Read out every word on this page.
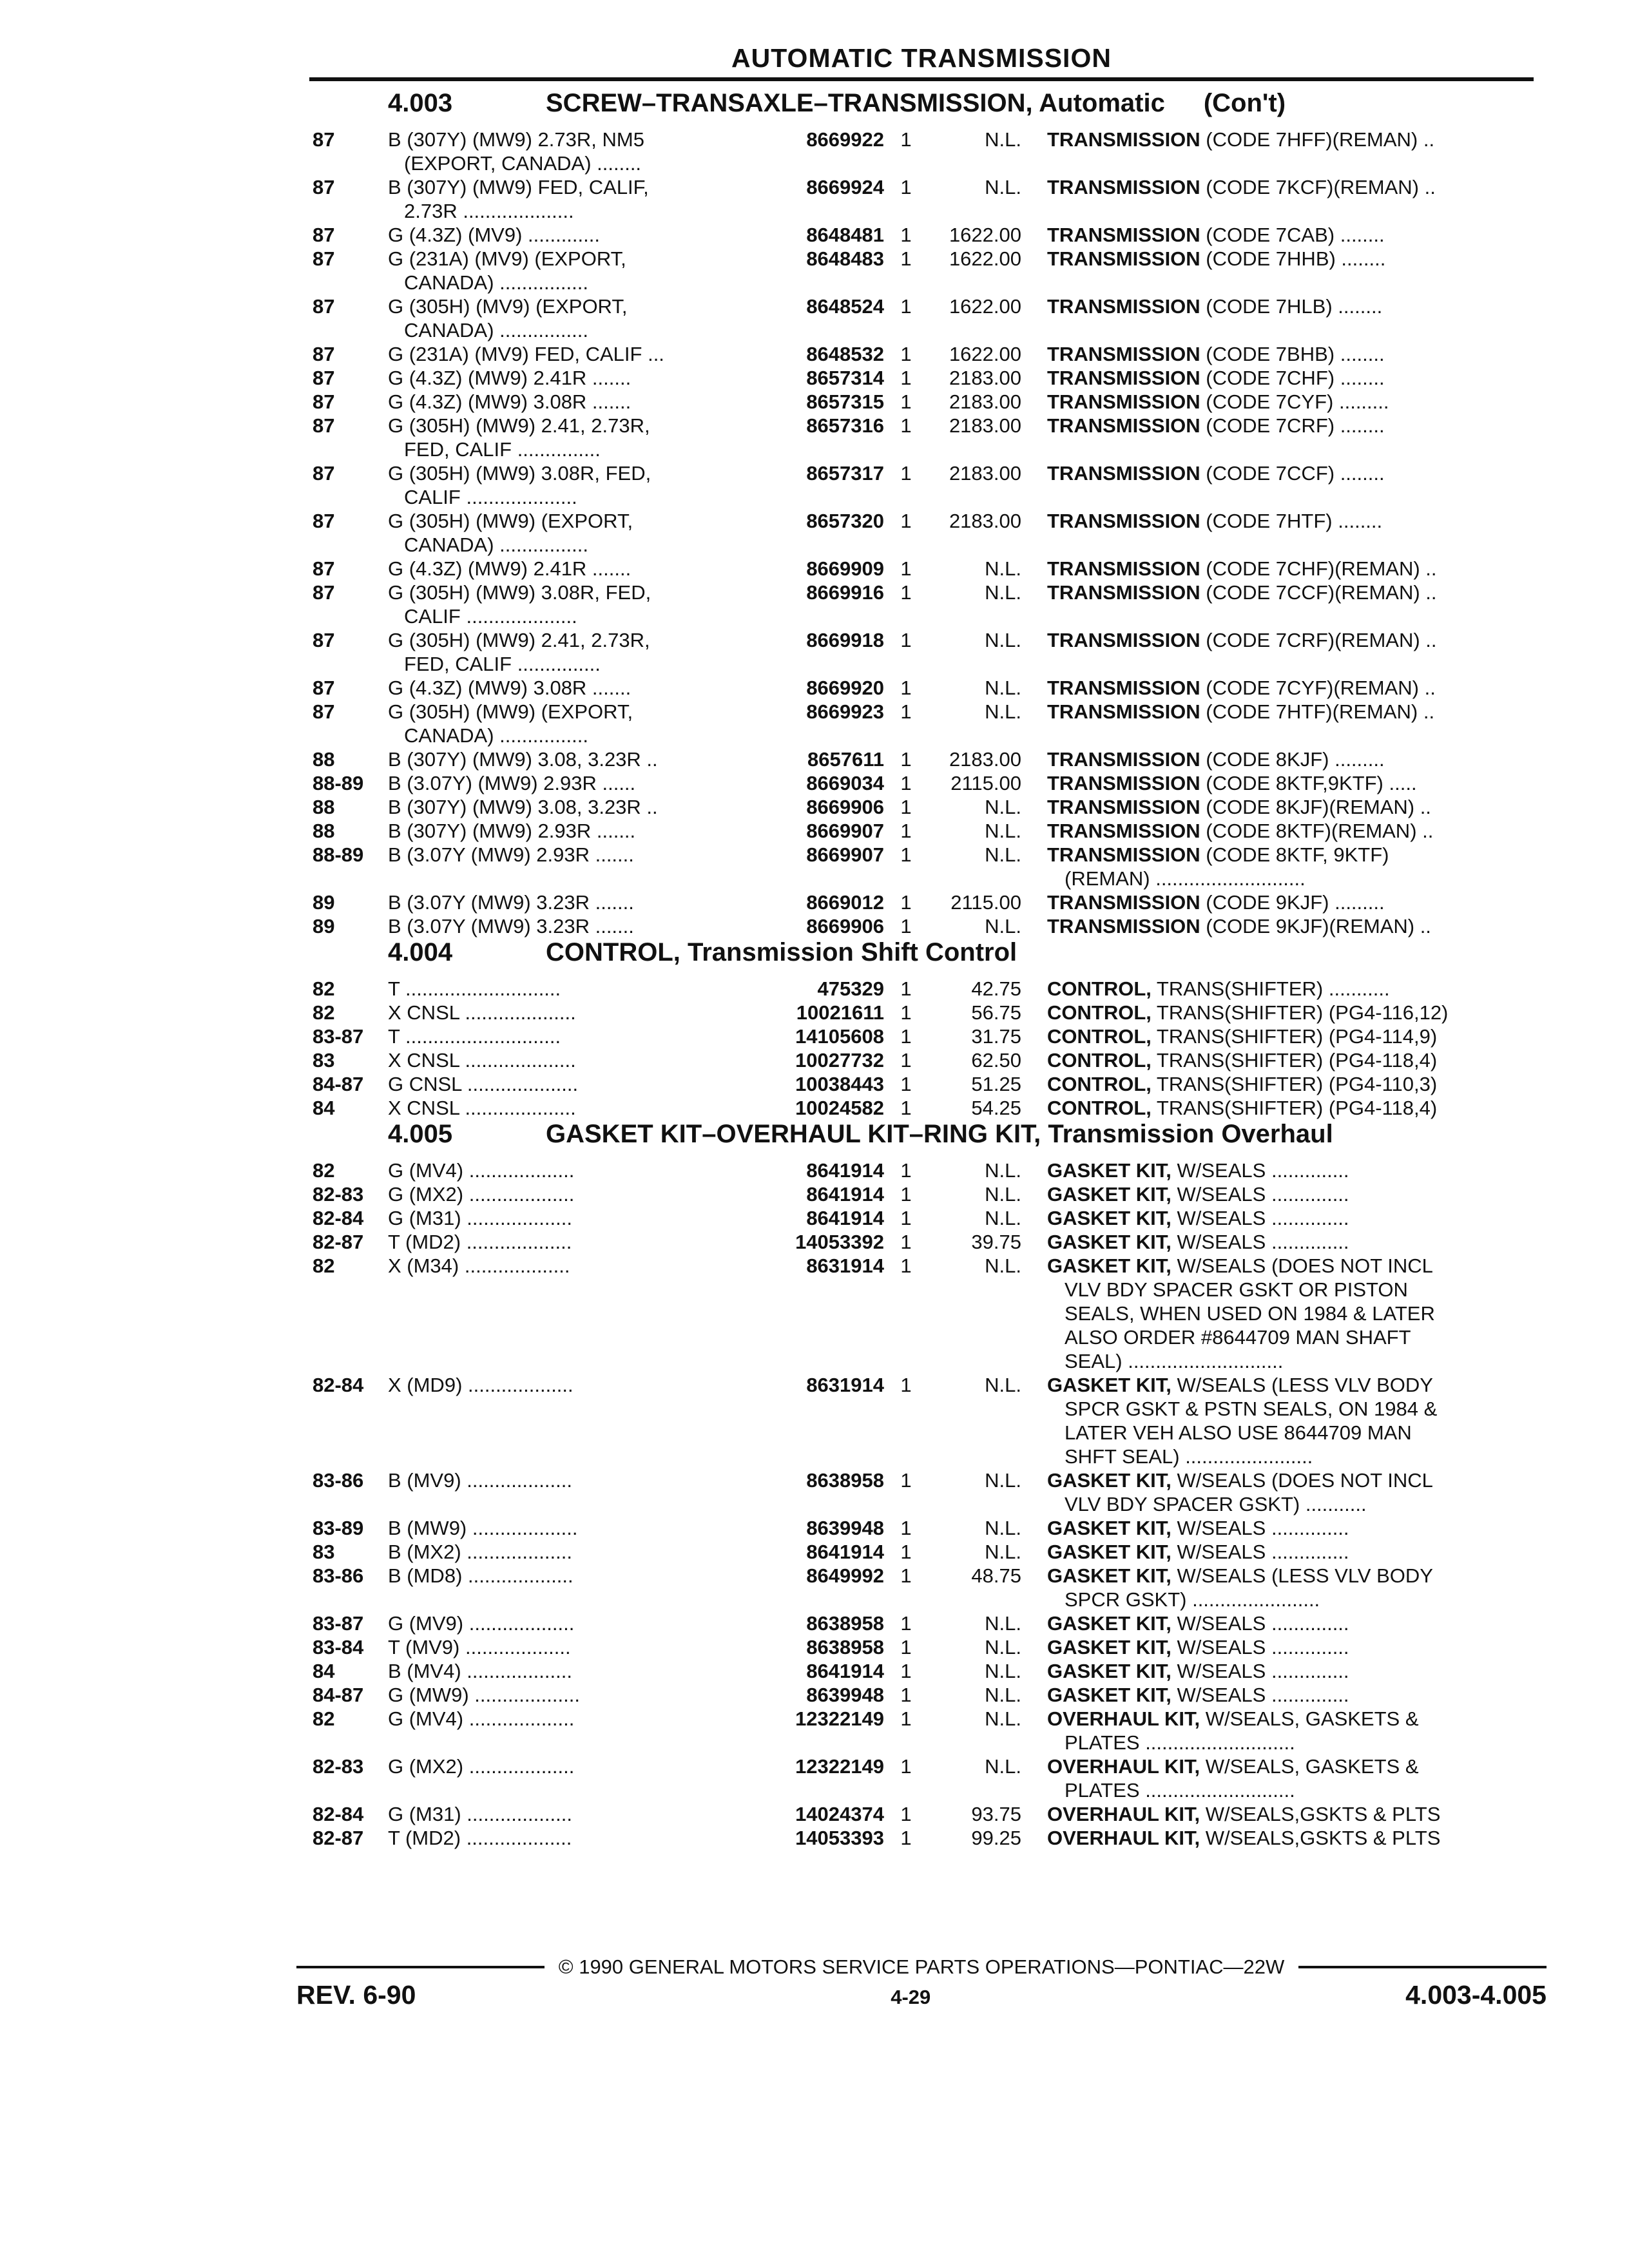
AUTOMATIC TRANSMISSION
4.003	SCREW–TRANSAXLE–TRANSMISSION, Automatic (Con't)
87	B (307Y) (MW9) 2.73R, NM5
(EXPORT, CANADA) ........
8669922 1	N.L. TRANSMISSION (CODE 7HFF)(REMAN) ..
87	B (307Y) (MW9) FED, CALIF,
2.73R ....................
8669924 1	N.L. TRANSMISSION (CODE 7KCF)(REMAN) ..
87	G (4.3Z) (MV9) .............	8648481 1	1622.00 TRANSMISSION (CODE 7CAB) ........
87	G (231A) (MV9) (EXPORT,
CANADA) ................
8648483 1	1622.00 TRANSMISSION (CODE 7HHB) ........
87	G (305H) (MV9) (EXPORT,
CANADA) ................
8648524 1	1622.00 TRANSMISSION (CODE 7HLB) ........
87	G (231A) (MV9) FED, CALIF ...	8648532 1	1622.00 TRANSMISSION (CODE 7BHB) ........
87	G (4.3Z) (MW9) 2.41R .......	8657314 1	2183.00 TRANSMISSION (CODE 7CHF) ........
87	G (4.3Z) (MW9) 3.08R .......	8657315 1	2183.00 TRANSMISSION (CODE 7CYF) .........
87	G (305H) (MW9) 2.41, 2.73R,
FED, CALIF ...............
8657316 1	2183.00 TRANSMISSION (CODE 7CRF) ........
87	G (305H) (MW9) 3.08R, FED,
CALIF ....................
8657317 1	2183.00 TRANSMISSION (CODE 7CCF) ........
87	G (305H) (MW9) (EXPORT,
CANADA) ................
8657320 1	2183.00 TRANSMISSION (CODE 7HTF) ........
87	G (4.3Z) (MW9) 2.41R .......	8669909 1	N.L. TRANSMISSION (CODE 7CHF)(REMAN) ..
87	G (305H) (MW9) 3.08R, FED,
CALIF ....................
8669916 1	N.L. TRANSMISSION (CODE 7CCF)(REMAN) ..
87	G (305H) (MW9) 2.41, 2.73R,
FED, CALIF ...............
8669918 1	N.L. TRANSMISSION (CODE 7CRF)(REMAN) ..
87	G (4.3Z) (MW9) 3.08R .......	8669920 1	N.L. TRANSMISSION (CODE 7CYF)(REMAN) ..
87	G (305H) (MW9) (EXPORT,
CANADA) ................
8669923 1	N.L. TRANSMISSION (CODE 7HTF)(REMAN) ..
88	B (307Y) (MW9) 3.08, 3.23R ..	8657611 1	2183.00 TRANSMISSION (CODE 8KJF) .........
88-89	B (3.07Y) (MW9) 2.93R ......	8669034 1	2115.00 TRANSMISSION (CODE 8KTF,9KTF) .....
88	B (307Y) (MW9) 3.08, 3.23R ..	8669906 1	N.L. TRANSMISSION (CODE 8KJF)(REMAN) ..
88	B (307Y) (MW9) 2.93R .......	8669907 1	N.L. TRANSMISSION (CODE 8KTF)(REMAN) ..
88-89	B (3.07Y (MW9) 2.93R .......	8669907 1	N.L. TRANSMISSION (CODE 8KTF, 9KTF)
(REMAN) ...........................
89	B (3.07Y (MW9) 3.23R .......	8669012 1	2115.00 TRANSMISSION (CODE 9KJF) .........
89	B (3.07Y (MW9) 3.23R .......	8669906 1	N.L. TRANSMISSION (CODE 9KJF)(REMAN) ..
4.004	CONTROL, Transmission Shift Control
82	T ............................	475329 1	42.75 CONTROL, TRANS(SHIFTER) ...........
82	X CNSL ....................	10021611 1	56.75 CONTROL, TRANS(SHIFTER) (PG4-116,12)
83-87	T ............................	14105608 1	31.75 CONTROL, TRANS(SHIFTER) (PG4-114,9)
83	X CNSL ....................	10027732 1	62.50 CONTROL, TRANS(SHIFTER) (PG4-118,4)
84-87	G CNSL ....................	10038443 1	51.25 CONTROL, TRANS(SHIFTER) (PG4-110,3)
84	X CNSL ....................	10024582 1	54.25 CONTROL, TRANS(SHIFTER) (PG4-118,4)
4.005	GASKET KIT–OVERHAUL KIT–RING KIT, Transmission Overhaul
82	G (MV4) ...................	8641914 1	N.L. GASKET KIT, W/SEALS ..............
82-83	G (MX2) ...................	8641914 1	N.L. GASKET KIT, W/SEALS ..............
82-84	G (M31) ...................	8641914 1	N.L. GASKET KIT, W/SEALS ..............
82-87	T (MD2) ...................	14053392 1	39.75 GASKET KIT, W/SEALS ..............
82	X (M34) ...................	8631914 1	N.L. GASKET KIT, W/SEALS (DOES NOT INCL
VLV BDY SPACER GSKT OR PISTON
SEALS, WHEN USED ON 1984 & LATER
ALSO ORDER #8644709 MAN SHAFT
SEAL) ............................
82-84	X (MD9) ...................	8631914 1	N.L. GASKET KIT, W/SEALS (LESS VLV BODY
SPCR GSKT & PSTN SEALS, ON 1984 &
LATER VEH ALSO USE 8644709 MAN
SHFT SEAL) .......................
83-86	B (MV9) ...................	8638958 1	N.L. GASKET KIT, W/SEALS (DOES NOT INCL
VLV BDY SPACER GSKT) ...........
83-89	B (MW9) ...................	8639948 1	N.L. GASKET KIT, W/SEALS ..............
83	B (MX2) ...................	8641914 1	N.L. GASKET KIT, W/SEALS ..............
83-86	B (MD8) ...................	8649992 1	48.75 GASKET KIT, W/SEALS (LESS VLV BODY
SPCR GSKT) .......................
83-87	G (MV9) ...................	8638958 1	N.L. GASKET KIT, W/SEALS ..............
83-84	T (MV9) ...................	8638958 1	N.L. GASKET KIT, W/SEALS ..............
84	B (MV4) ...................	8641914 1	N.L. GASKET KIT, W/SEALS ..............
84-87	G (MW9) ...................	8639948 1	N.L. GASKET KIT, W/SEALS ..............
82	G (MV4) ...................	12322149 1	N.L. OVERHAUL KIT, W/SEALS, GASKETS &
PLATES ...........................
82-83	G (MX2) ...................	12322149 1	N.L. OVERHAUL KIT, W/SEALS, GASKETS &
PLATES ...........................
82-84	G (M31) ...................	14024374 1	93.75 OVERHAUL KIT, W/SEALS,GSKTS & PLTS
82-87	T (MD2) ...................	14053393 1	99.25 OVERHAUL KIT, W/SEALS,GSKTS & PLTS
© 1990 GENERAL MOTORS SERVICE PARTS OPERATIONS—PONTIAC—22W
REV. 6-90	4-29	4.003-4.005
